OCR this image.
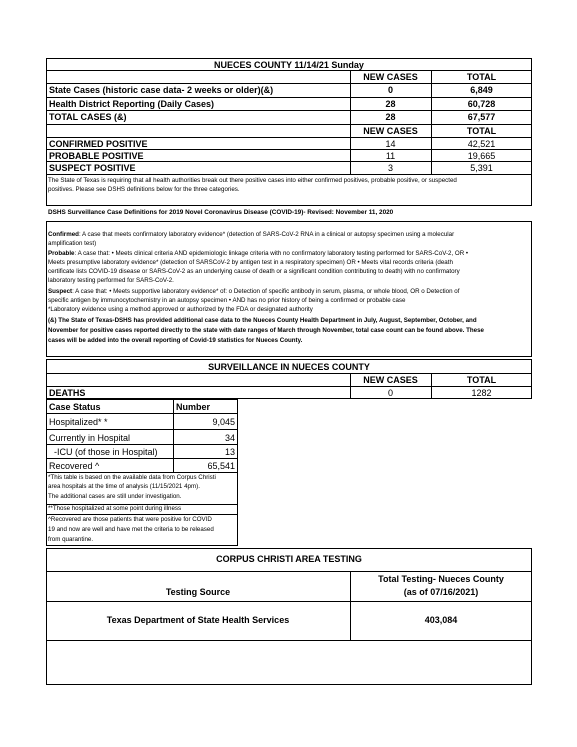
NUECES COUNTY 11/14/21 Sunday
NEW CASES	TOTAL
State Cases (historic case data- 2 weeks or older)(&)	0	6,849
Health District Reporting (Daily Cases)	28	60,728
TOTAL CASES (&)	28	67,577
NEW CASES	TOTAL
CONFIRMED POSITIVE	14	42,521
PROBABLE POSITIVE	11	19,665
SUSPECT POSITIVE	3	5,391
The State of Texas is requiring that all health authorities break out there positive cases into either confirmed positives, probable positive, or suspected
positives. Please see DSHS definitions below for the three categories.
DSHS Surveillance Case Definitions for 2019 Novel Coronavirus Disease (COVID-19)- Revised: November 11, 2020
Confirmed: A case that meets confirmatory laboratory evidence* (detection of SARS-CoV-2 RNA in a clinical or autopsy specimen using a molecular
amplification test)
Probable: A case that: • Meets clinical criteria AND epidemiologic linkage criteria with no confirmatory laboratory testing performed for SARS-CoV-2, OR •
Meets presumptive laboratory evidence* (detection of SARSCoV-2 by antigen test in a respiratory specimen) OR • Meets vital records criteria (death
certificate lists COVID-19 disease or SARS-CoV-2 as an underlying cause of death or a significant condition contributing to death) with no confirmatory
laboratory testing performed for SARS-CoV-2.
Suspect: A case that: • Meets supportive laboratory evidence* of: o Detection of specific antibody in serum, plasma, or whole blood, OR o Detection of
specific antigen by immunocytochemistry in an autopsy specimen • AND has no prior history of being a confirmed or probable case
*Laboratory evidence using a method approved or authorized by the FDA or designated authority
(&) The State of Texas-DSHS has provided additional case data to the Nueces County Health Department in July, August, September, October, and
November for positive cases reported directly to the state with date ranges of March through November, total case count can be found above. These
cases will be added into the overall reporting of Covid-19 statistics for Nueces County.
SURVEILLANCE IN NUECES COUNTY
NEW CASES	TOTAL
DEATHS	0	1282
Case Status	Number
Hospitalized* *	9,045
Currently in Hospital	34
-ICU (of those in Hospital)	13
Recovered ^	65,541
*This table is based on the available data from Corpus Christi
area hospitals at the time of analysis (11/15/2021 4pm).
The additional cases are still under investigation.
**Those hospitalized at some point during illness
^Recovered are those patients that were positive for COVID
19 and now are well and have met the criteria to be released
from quarantine.
CORPUS CHRISTI AREA TESTING
Testing Source
Total Testing- Nueces County
(as of 07/16/2021)
Texas Department of State Health Services	403,084
